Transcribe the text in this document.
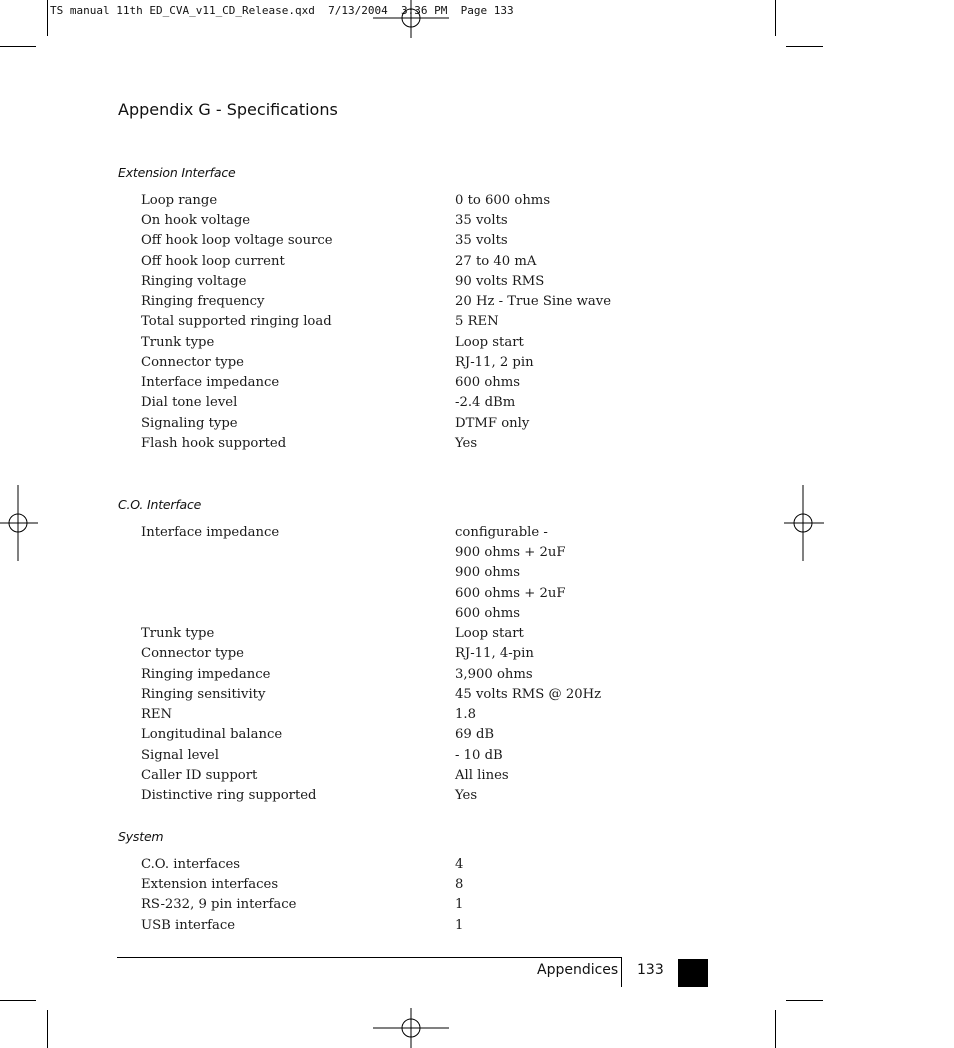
TS manual 11th ED_CVA_v11_CD_Release.qxd  7/13/2004  3:36 PM  Page 133
Appendix G - Specifications
Extension Interface
Loop range	0 to 600 ohms
On hook voltage	35 volts
Off hook loop voltage source	35 volts
Off hook loop current	27 to 40 mA
Ringing voltage	90 volts RMS
Ringing frequency	20 Hz - True Sine wave
Total supported ringing load	5 REN
Trunk type	Loop start
Connector type	RJ-11, 2 pin
Interface impedance	600 ohms
Dial tone level	-2.4 dBm
Signaling type	DTMF only
Flash hook supported	Yes
C.O. Interface
Interface impedance	configurable -
900 ohms + 2uF
900 ohms
600 ohms + 2uF
600 ohms
Trunk type	Loop start
Connector type	RJ-11, 4-pin
Ringing impedance	3,900 ohms
Ringing sensitivity	45 volts RMS @ 20Hz
REN	1.8
Longitudinal balance	69 dB
Signal level	- 10 dB
Caller ID support	All lines
Distinctive ring supported	Yes
System
C.O. interfaces	4
Extension interfaces	8
RS-232, 9 pin interface	1
USB interface	1
Appendices 133
